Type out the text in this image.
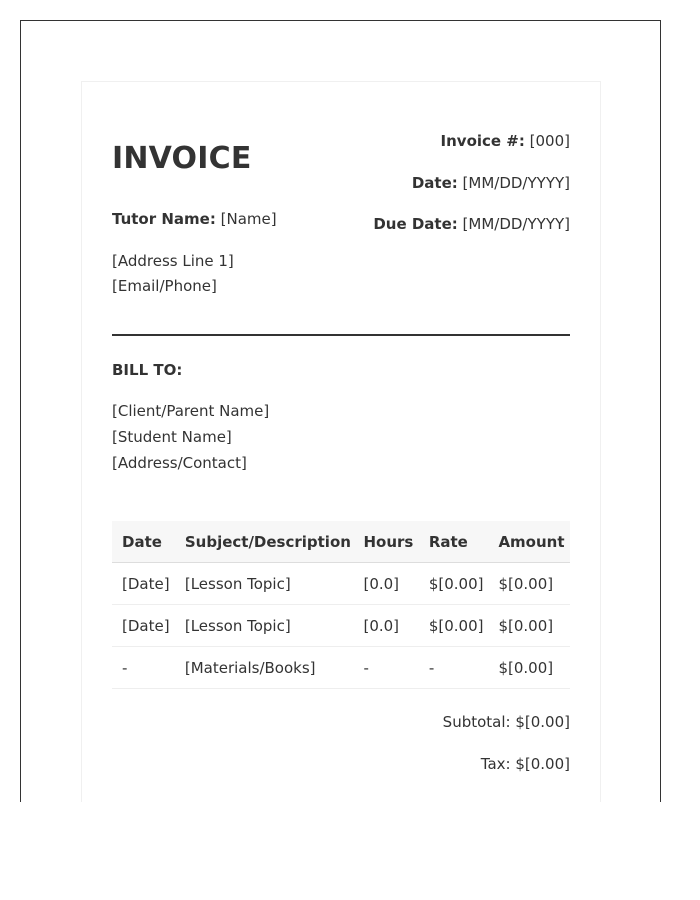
INVOICE	Invoice #: [000]
Date: [MM/DD/YYYY]
Due Date: [MM/DD/YYYY]
Tutor Name: [Name]
[Address Line 1]
[Email/Phone]
BILL TO:
[Client/Parent Name]
[Student Name]
[Address/Contact]
Date	Subject/Description	Hours	Rate	Amount
[Date]	[Lesson Topic]	[0.0]	$[0.00]	$[0.00]
[Date]	[Lesson Topic]	[0.0]	$[0.00]	$[0.00]
-	[Materials/Books]	-	-	$[0.00]
Subtotal: $[0.00]
Tax: $[0.00]
